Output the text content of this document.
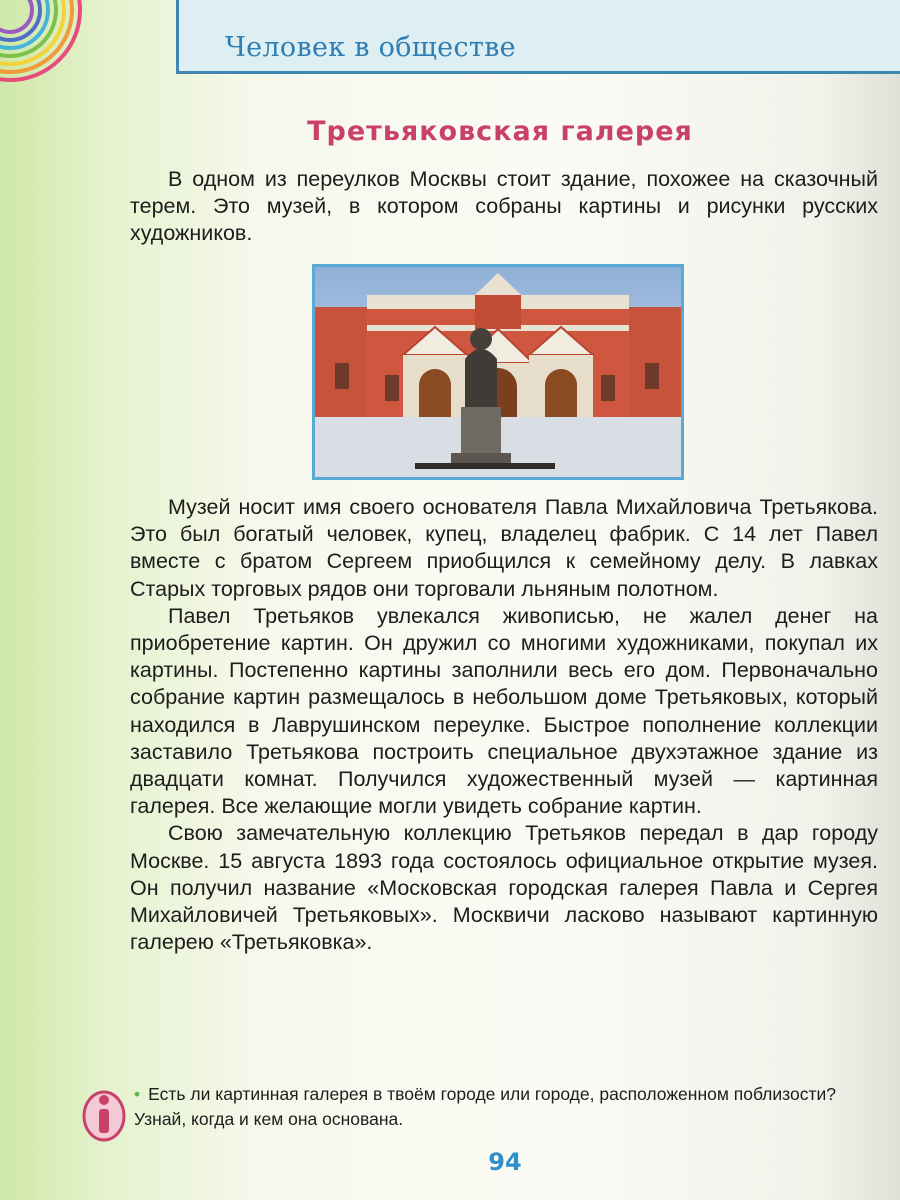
Человек в обществе
Третьяковская галерея

В одном из переулков Москвы стоит здание, похожее на сказочный терем. Это музей, в котором собраны картины и рисунки русских художников.

Музей носит имя своего основателя Павла Михайловича Третьякова. Это был богатый человек, купец, владелец фабрик. С 14 лет Павел вместе с братом Сергеем приобщился к семейному делу. В лавках Старых торговых рядов они торговали льняным полотном.

Павел Третьяков увлекался живописью, не жалел денег на приобретение картин. Он дружил со многими художниками, покупал их картины. Постепенно картины заполнили весь его дом. Первоначально собрание картин размещалось в небольшом доме Третьяковых, который находился в Лаврушинском переулке. Быстрое пополнение коллекции заставило Третьякова построить специальное двухэтажное здание из двадцати комнат. Получился художественный музей — картинная галерея. Все желающие могли увидеть собрание картин.

Свою замечательную коллекцию Третьяков передал в дар городу Москве. 15 августа 1893 года состоялось официальное открытие музея. Он получил название «Московская городская галерея Павла и Сергея Михайловичей Третьяковых». Москвичи ласково называют картинную галерею «Третьяковка».

• Есть ли картинная галерея в твоём городе или городе, расположенном поблизости? Узнай, когда и кем она основана.
94
